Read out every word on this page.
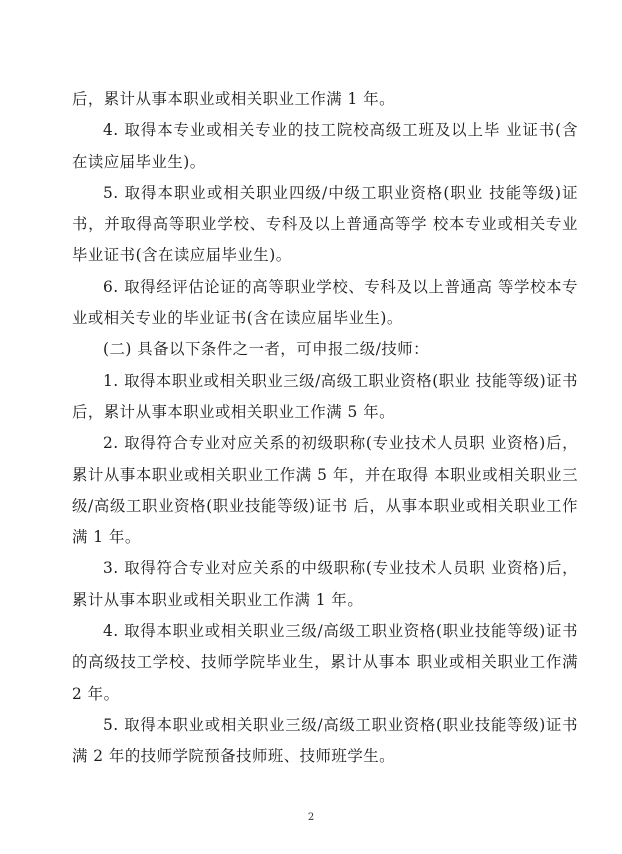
后，累计从事本职业或相关职业工作满 1 年。

4. 取得本专业或相关专业的技工院校高级工班及以上毕 业证书(含在读应届毕业生)。

5. 取得本职业或相关职业四级/中级工职业资格(职业 技能等级)证书，并取得高等职业学校、专科及以上普通高等学 校本专业或相关专业毕业证书(含在读应届毕业生)。

6. 取得经评估论证的高等职业学校、专科及以上普通高 等学校本专业或相关专业的毕业证书(含在读应届毕业生)。

(二) 具备以下条件之一者，可申报二级/技师：

1. 取得本职业或相关职业三级/高级工职业资格(职业 技能等级)证书后，累计从事本职业或相关职业工作满 5 年。

2. 取得符合专业对应关系的初级职称(专业技术人员职 业资格)后，累计从事本职业或相关职业工作满 5 年，并在取得 本职业或相关职业三级/高级工职业资格(职业技能等级)证书 后，从事本职业或相关职业工作满 1 年。

3. 取得符合专业对应关系的中级职称(专业技术人员职 业资格)后，累计从事本职业或相关职业工作满 1 年。

4. 取得本职业或相关职业三级/高级工职业资格(职业技能等级)证书的高级技工学校、技师学院毕业生，累计从事本 职业或相关职业工作满 2 年。

5. 取得本职业或相关职业三级/高级工职业资格(职业技能等级)证书满 2 年的技师学院预备技师班、技师班学生。

2
